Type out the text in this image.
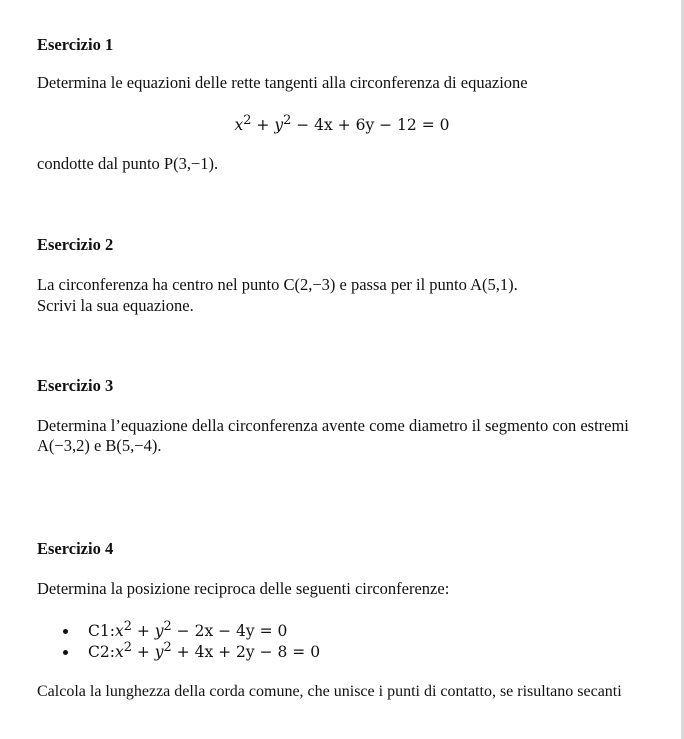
Esercizio 1
Determina le equazioni delle rette tangenti alla circonferenza di equazione
$x^2 + y^2 - 4x + 6y - 12 = 0$
condotte dal punto P(3,−1).
Esercizio 2
La circonferenza ha centro nel punto C(2,−3) e passa per il punto A(5,1).
Scrivi la sua equazione.
Esercizio 3
Determina l’equazione della circonferenza avente come diametro il segmento con estremi
A(−3,2) e B(5,−4).
Esercizio 4
Determina la posizione reciproca delle seguenti circonferenze:
$C1:x^2 + y^2 - 2x - 4y = 0$
$C2:x^2 + y^2 + 4x + 2y - 8 = 0$
Calcola la lunghezza della corda comune, che unisce i punti di contatto, se risultano secanti
